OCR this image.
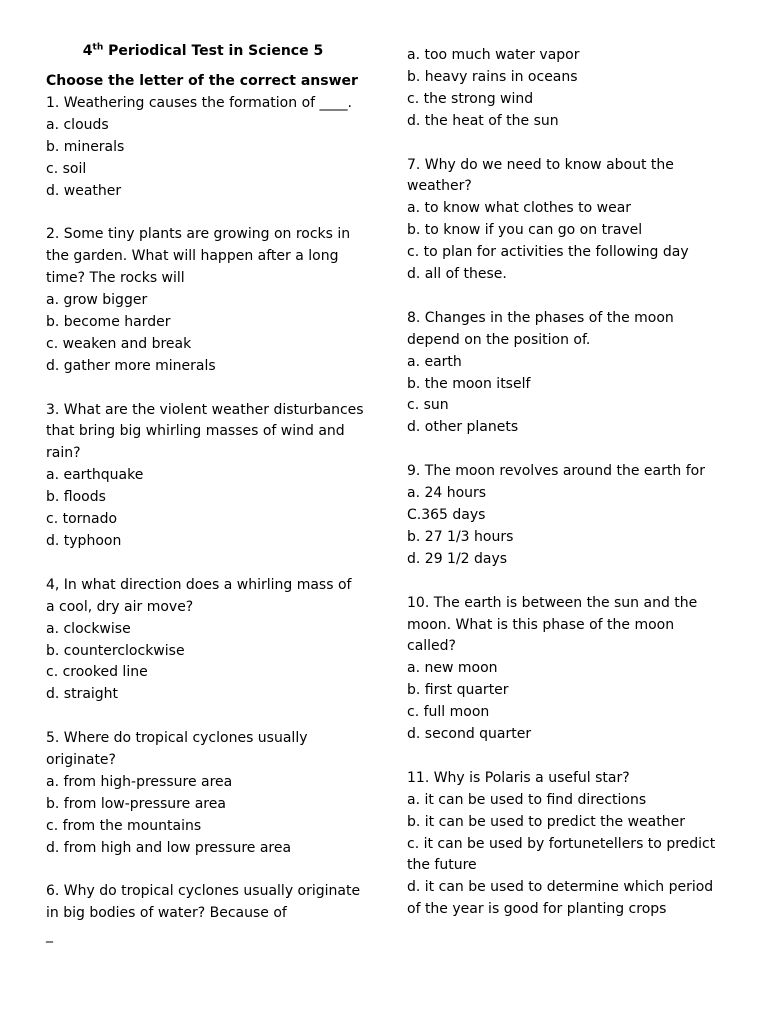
4th Periodical Test in Science 5
Choose the letter of the correct answer

1. Weathering causes the formation of ____.

a. clouds

b. minerals

c. soil

d. weather

2. Some tiny plants are growing on rocks in the garden. What will happen after a long time? The rocks will

a. grow bigger

b. become harder

c. weaken and break

d. gather more minerals

3. What are the violent weather disturbances that bring big whirling masses of wind and rain?

a. earthquake

b. floods

c. tornado

d. typhoon

4, In what direction does a whirling mass of a cool, dry air move?

a. clockwise

b. counterclockwise

c. crooked line

d. straight

5. Where do tropical cyclones usually originate?

a. from high-pressure area

b. from low-pressure area

c. from the mountains

d. from high and low pressure area

6. Why do tropical cyclones usually originate in big bodies of water? Because of

_

a. too much water vapor

b. heavy rains in oceans

c. the strong wind

d. the heat of the sun

7. Why do we need to know about the weather?

a. to know what clothes to wear

b. to know if you can go on travel

c. to plan for activities the following day

d. all of these.

8. Changes in the phases of the moon depend on the position of.

a. earth

b. the moon itself

c. sun

d. other planets

9. The moon revolves around the earth for

a. 24 hours

C.365 days

b. 27 1/3 hours

d. 29 1/2 days

10. The earth is between the sun and the moon. What is this phase of the moon called?

a. new moon

b. first quarter

c. full moon

d. second quarter

11. Why is Polaris a useful star?

a. it can be used to find directions

b. it can be used to predict the weather

c. it can be used by fortunetellers to predict the future

d. it can be used to determine which period of the year is good for planting crops
